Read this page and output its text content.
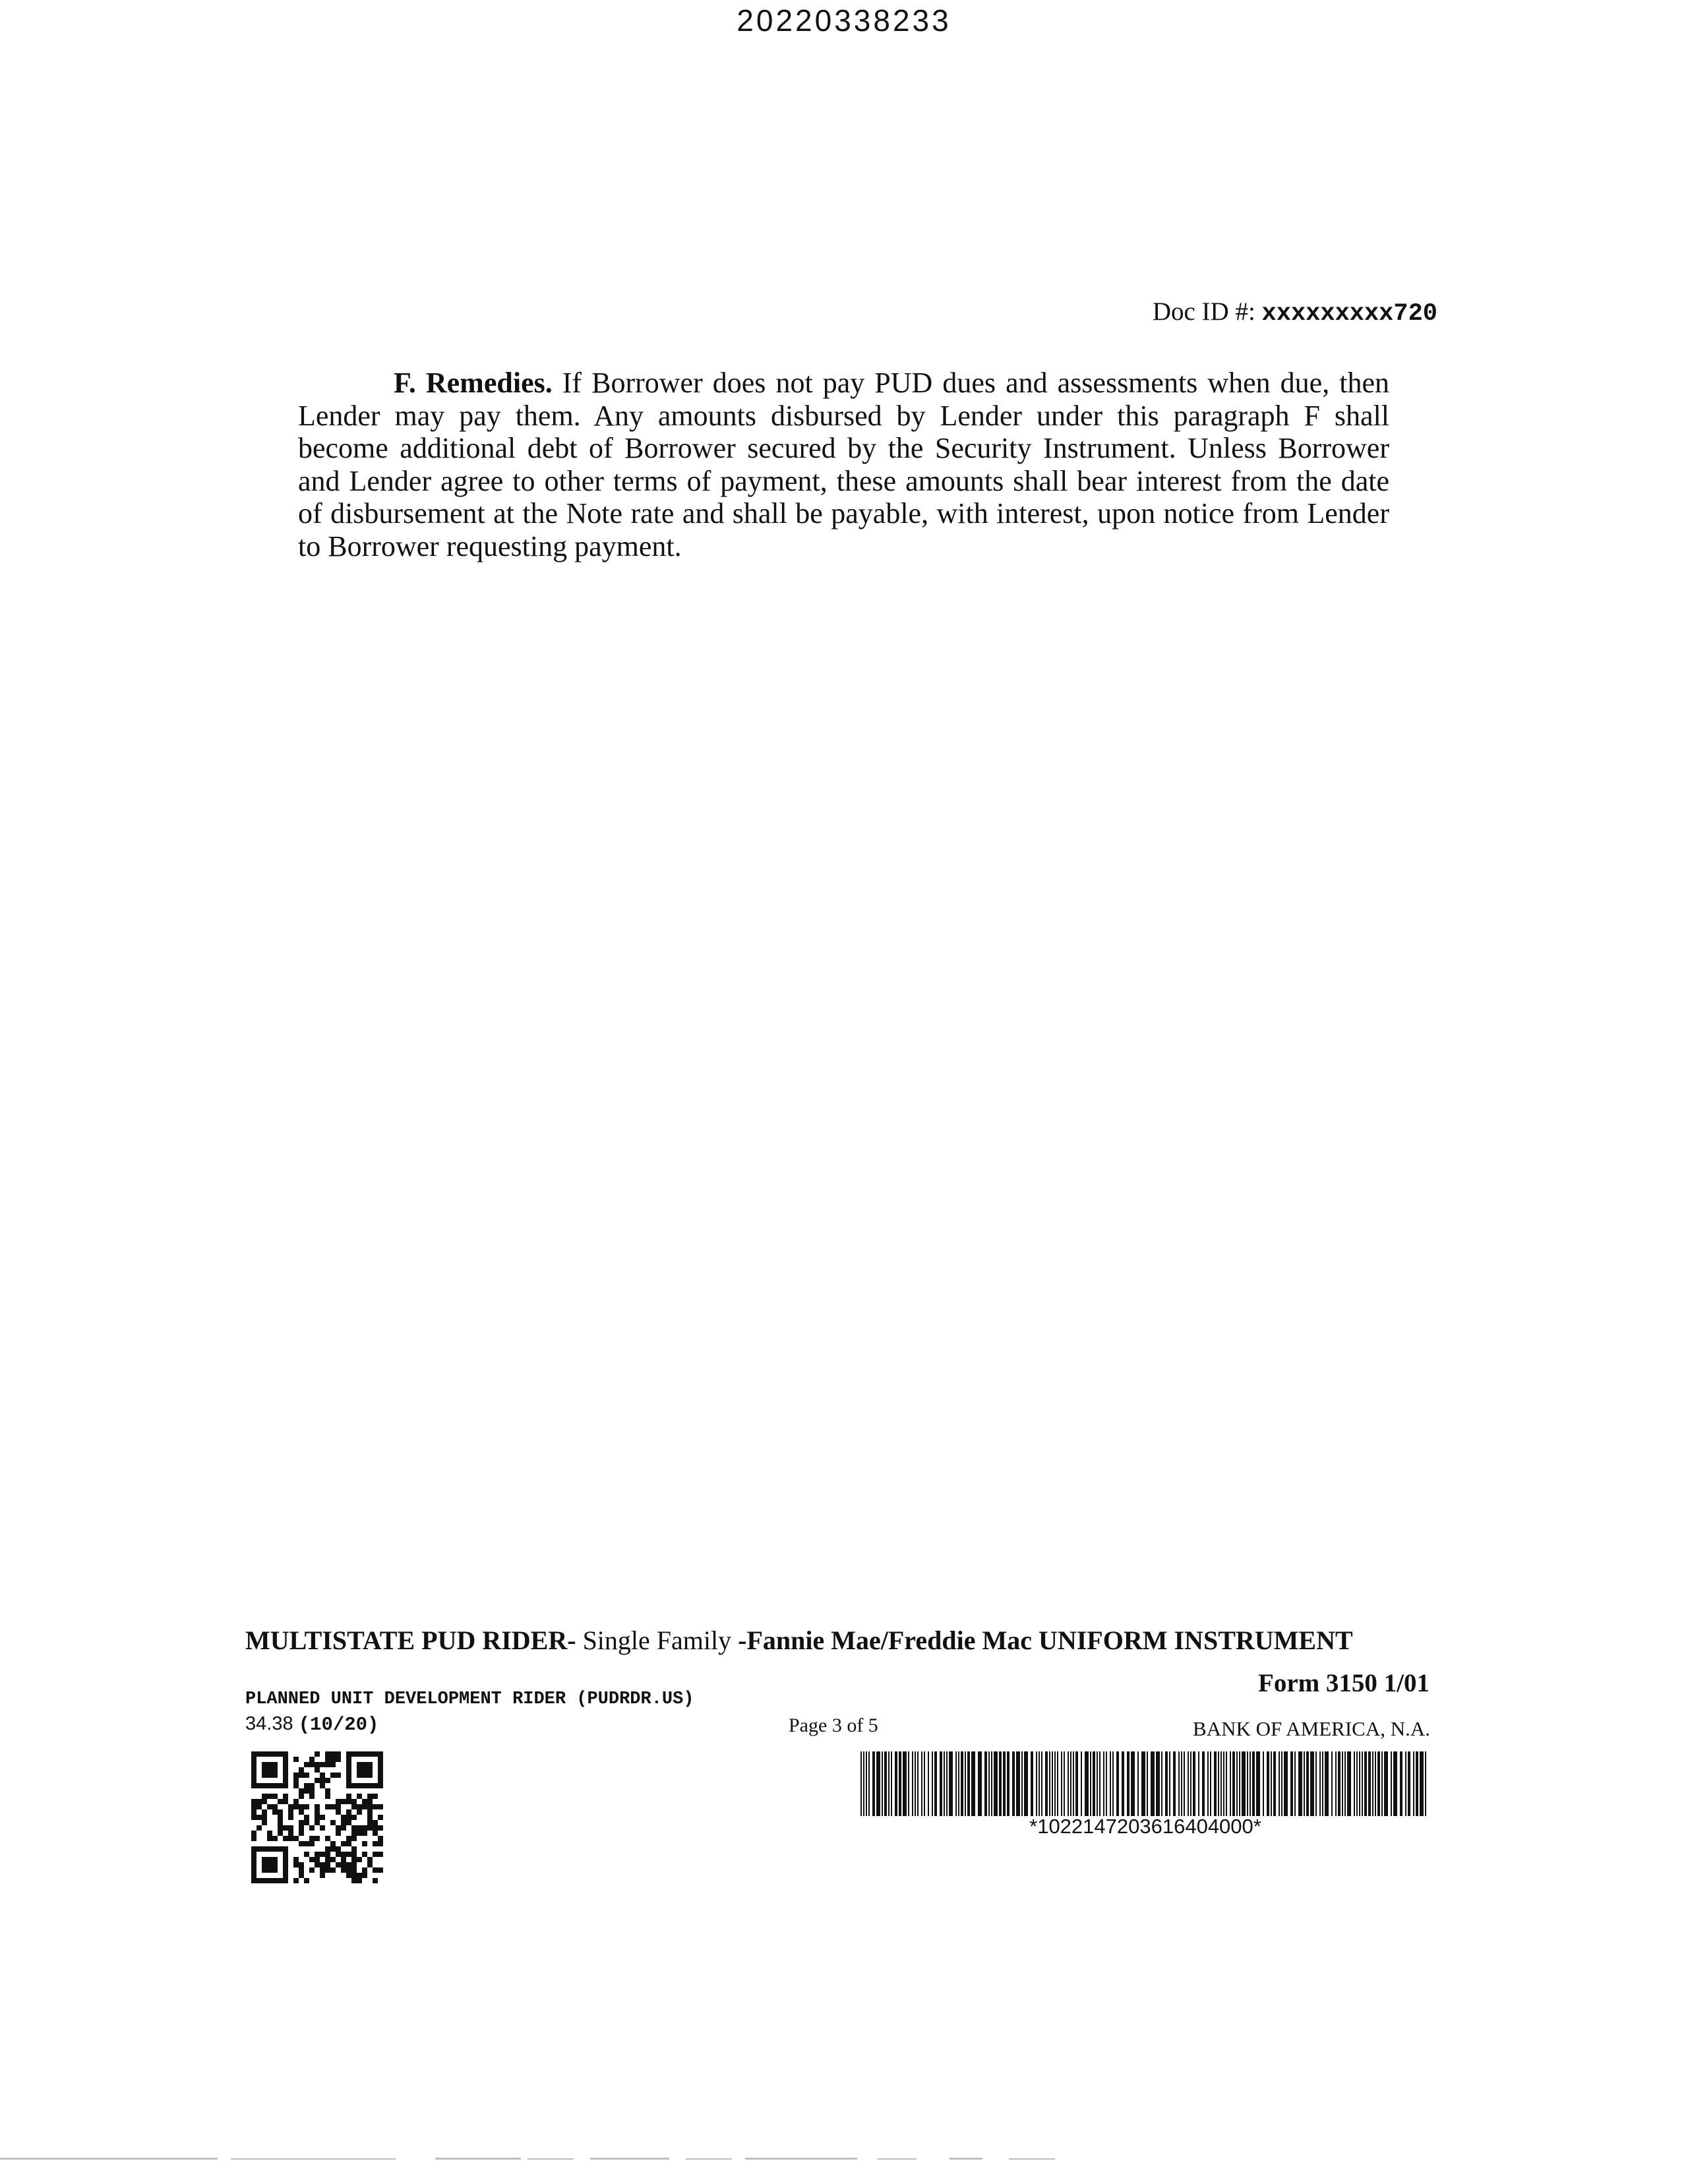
20220338233
Doc ID #: xxxxxxxxx720
F. Remedies. If Borrower does not pay PUD dues and assessments when due, then Lender may pay them. Any amounts disbursed by Lender under this paragraph F shall become additional debt of Borrower secured by the Security Instrument. Unless Borrower and Lender agree to other terms of payment, these amounts shall bear interest from the date of disbursement at the Note rate and shall be payable, with interest, upon notice from Lender to Borrower requesting payment.
MULTISTATE PUD RIDER- Single Family -Fannie Mae/Freddie Mac UNIFORM INSTRUMENT
Form 3150 1/01
PLANNED UNIT DEVELOPMENT RIDER (PUDRDR.US)
34.38 (10/20)	Page 3 of 5	BANK OF AMERICA, N.A.
*1022147203616404000*
